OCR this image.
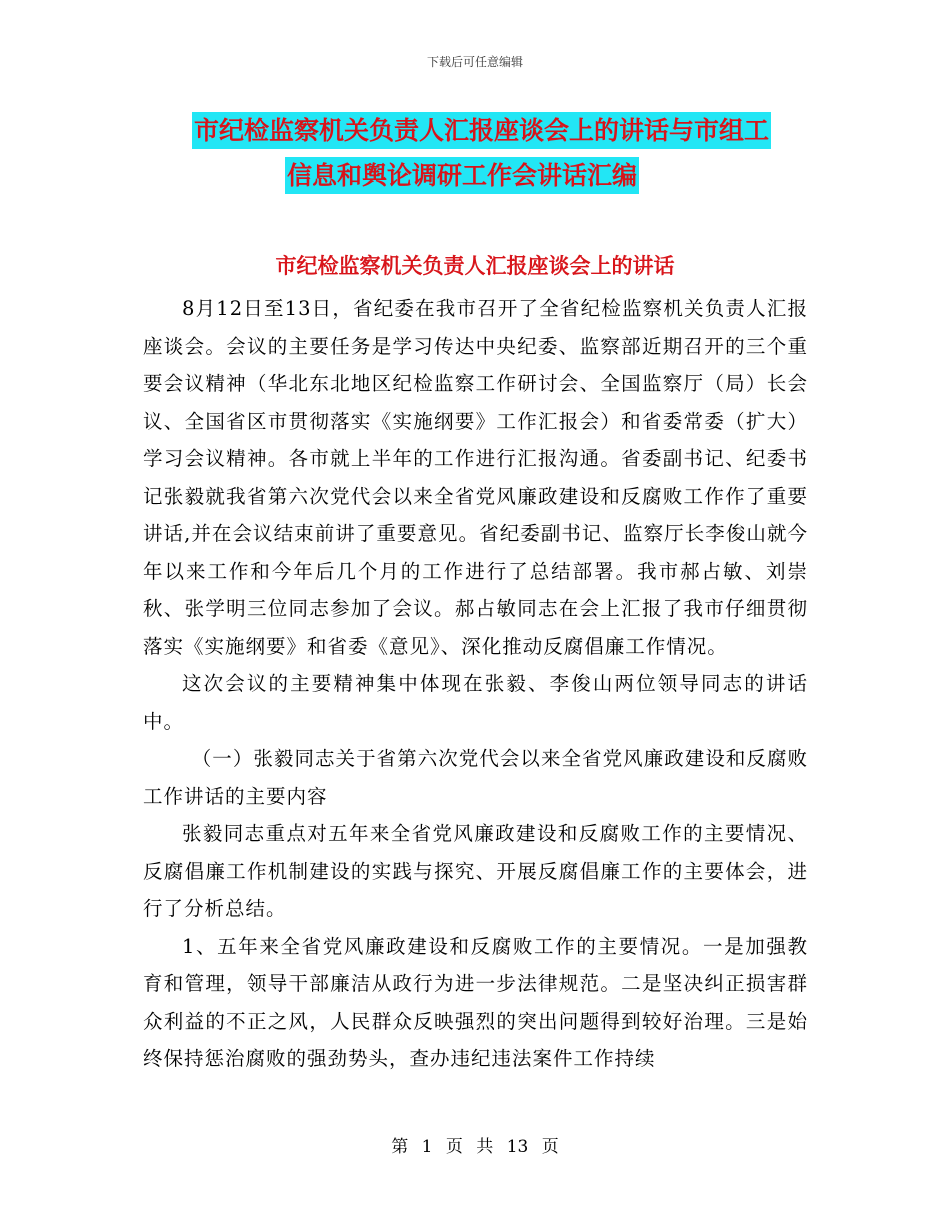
下载后可任意编辑
市纪检监察机关负责人汇报座谈会上的讲话与市组工
信息和舆论调研工作会讲话汇编
市纪检监察机关负责人汇报座谈会上的讲话

8月12日至13日，省纪委在我市召开了全省纪检监察机关负责人汇报座谈会。会议的主要任务是学习传达中央纪委、监察部近期召开的三个重要会议精神（华北东北地区纪检监察工作研讨会、全国监察厅（局）长会议、全国省区市贯彻落实《实施纲要》工作汇报会）和省委常委（扩大）学习会议精神。各市就上半年的工作进行汇报沟通。省委副书记、纪委书记张毅就我省第六次党代会以来全省党风廉政建设和反腐败工作作了重要讲话,并在会议结束前讲了重要意见。省纪委副书记、监察厅长李俊山就今年以来工作和今年后几个月的工作进行了总结部署。我市郝占敏、刘崇秋、张学明三位同志参加了会议。郝占敏同志在会上汇报了我市仔细贯彻落实《实施纲要》和省委《意见》、深化推动反腐倡廉工作情况。

这次会议的主要精神集中体现在张毅、李俊山两位领导同志的讲话中。

（一）张毅同志关于省第六次党代会以来全省党风廉政建设和反腐败工作讲话的主要内容

张毅同志重点对五年来全省党风廉政建设和反腐败工作的主要情况、反腐倡廉工作机制建设的实践与探究、开展反腐倡廉工作的主要体会，进行了分析总结。

1、五年来全省党风廉政建设和反腐败工作的主要情况。一是加强教育和管理，领导干部廉洁从政行为进一步法律规范。二是坚决纠正损害群众利益的不正之风，人民群众反映强烈的突出问题得到较好治理。三是始终保持惩治腐败的强劲势头，查办违纪违法案件工作持续

第 1 页 共 13 页
